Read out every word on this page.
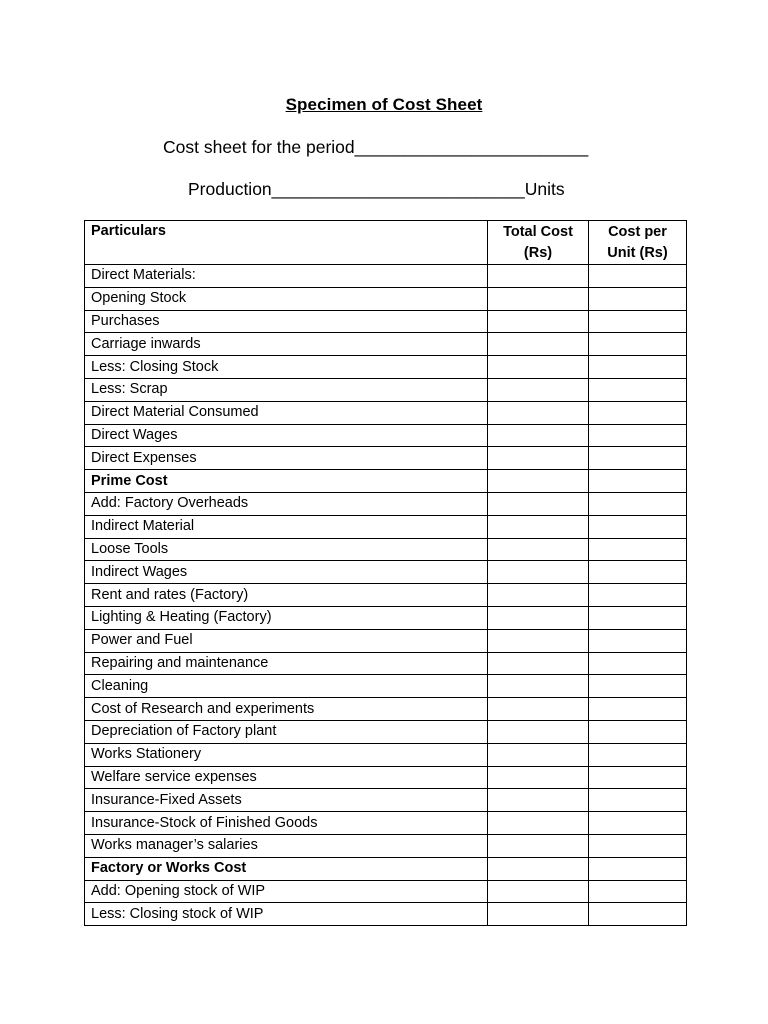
Specimen of Cost Sheet
Cost sheet for the period________________________
Production__________________________Units
Particulars	Total Cost (Rs)	Cost per Unit (Rs)
Direct Materials:		
Opening Stock		
Purchases		
Carriage inwards		
Less: Closing Stock		
Less: Scrap		
Direct Material Consumed		
Direct Wages		
Direct Expenses		
Prime Cost		
Add: Factory Overheads		
Indirect Material		
Loose Tools		
Indirect Wages		
Rent and rates (Factory)		
Lighting & Heating (Factory)		
Power and Fuel		
Repairing and maintenance		
Cleaning		
Cost of Research and experiments		
Depreciation of Factory plant		
Works Stationery		
Welfare service expenses		
Insurance-Fixed Assets		
Insurance-Stock of Finished Goods		
Works manager’s salaries		
Factory or Works Cost		
Add: Opening stock of WIP		
Less: Closing stock of WIP		
